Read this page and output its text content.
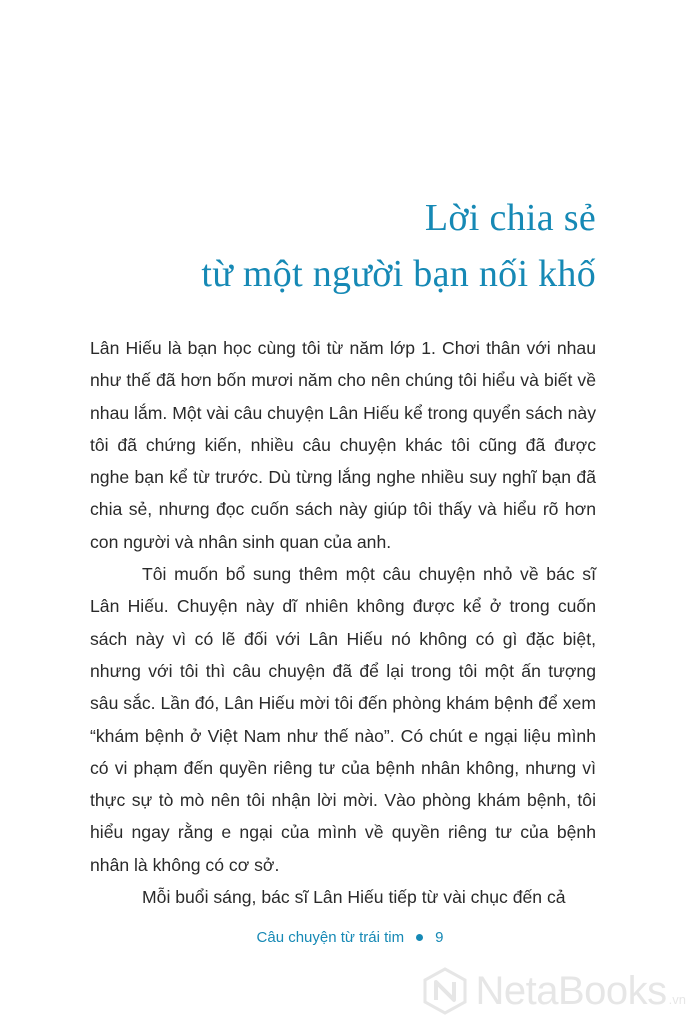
Lời chia sẻ
từ một người bạn nối khố

Lân Hiếu là bạn học cùng tôi từ năm lớp 1. Chơi thân với nhau như thế đã hơn bốn mươi năm cho nên chúng tôi hiểu và biết về nhau lắm. Một vài câu chuyện Lân Hiếu kể trong quyển sách này tôi đã chứng kiến, nhiều câu chuyện khác tôi cũng đã được nghe bạn kể từ trước. Dù từng lắng nghe nhiều suy nghĩ bạn đã chia sẻ, nhưng đọc cuốn sách này giúp tôi thấy và hiểu rõ hơn con người và nhân sinh quan của anh.

Tôi muốn bổ sung thêm một câu chuyện nhỏ về bác sĩ Lân Hiếu. Chuyện này dĩ nhiên không được kể ở trong cuốn sách này vì có lẽ đối với Lân Hiếu nó không có gì đặc biệt, nhưng với tôi thì câu chuyện đã để lại trong tôi một ấn tượng sâu sắc. Lần đó, Lân Hiếu mời tôi đến phòng khám bệnh để xem “khám bệnh ở Việt Nam như thế nào”. Có chút e ngại liệu mình có vi phạm đến quyền riêng tư của bệnh nhân không, nhưng vì thực sự tò mò nên tôi nhận lời mời. Vào phòng khám bệnh, tôi hiểu ngay rằng e ngại của mình về quyền riêng tư của bệnh nhân là không có cơ sở.

Mỗi buổi sáng, bác sĩ Lân Hiếu tiếp từ vài chục đến cả

Câu chuyện từ trái tim 9
NetaBooks .vn
